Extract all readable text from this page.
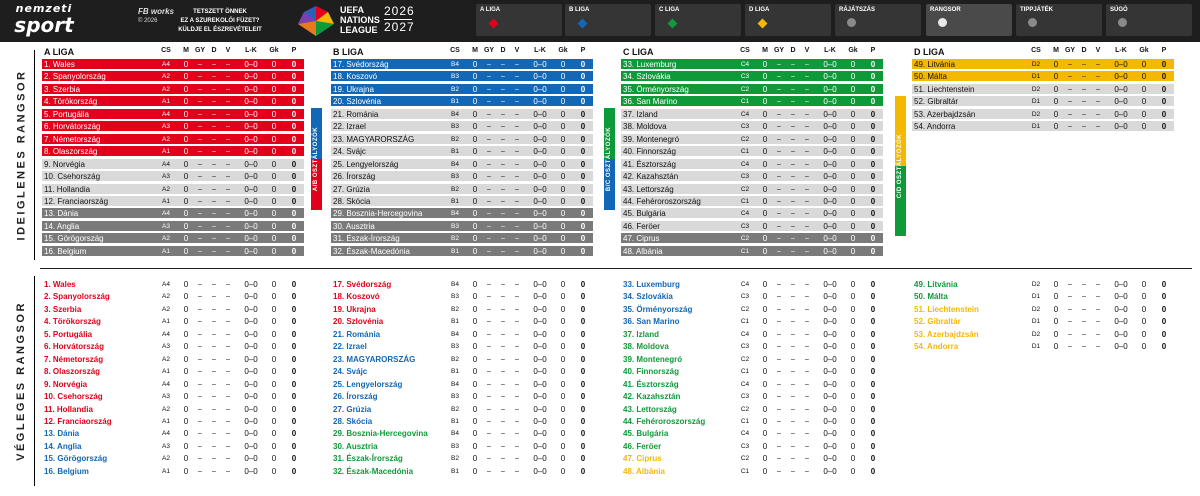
nemzeti
sport
FB works
© 2026
TETSZETT ÖNNEK
EZ A SZUREKOLÓI FÜZET?
KÜLDJE EL ÉSZREVÉTELEIT
UEFA
NATIONS
LEAGUE
2026
2027
A LIGA	B LIGA	C LIGA	D LIGA	RÁJÁTSZÁS	RANGSOR	TIPPJÁTÉK	SÚGÓ
IDEIGLENES RANGSOR
VÉGLEGES RANGSOR
A LIGA	CS	M GY D	V	L-K	Gk	P	B LIGA	CS	M GY D	V	L-K	Gk	P	C LIGA	CS	M GY D	V	L-K	Gk	P	D LIGA	CS	M GY D	V	L-K	Gk	P
1. Wales	A4	0	–	–	–	0–0	0	0
2. Spanyolország	A2	0	–	–	–	0–0	0	0
3. Szerbia	A2	0	–	–	–	0–0	0	0
4. Törökország	A1	0	–	–	–	0–0	0	0
5. Portugália	A4	0	–	–	–	0–0	0	0
6. Horvátország	A3	0	–	–	–	0–0	0	0
7. Németország	A2	0	–	–	–	0–0	0	0
8. Olaszország	A1	0	–	–	–	0–0	0	0
9. Norvégia	A4	0	–	–	–	0–0	0	0
10. Csehország	A3	0	–	–	–	0–0	0	0
11. Hollandia	A2	0	–	–	–	0–0	0	0
12. Franciaország	A1	0	–	–	–	0–0	0	0
13. Dánia	A4	0	–	–	–	0–0	0	0
14. Anglia	A3	0	–	–	–	0–0	0	0
15. Görögország	A2	0	–	–	–	0–0	0	0
16. Belgium	A1	0	–	–	–	0–0	0	0
17. Svédország	B4	0	–	–	–	0–0	0	0
18. Koszovó	B3	0	–	–	–	0–0	0	0
19. Ukrajna	B2	0	–	–	–	0–0	0	0
20. Szlovénia	B1	0	–	–	–	0–0	0	0
21. Románia	B4	0	–	–	–	0–0	0	0
22. Izrael	B3	0	–	–	–	0–0	0	0
23. MAGYARORSZÁG	B2	0	–	–	–	0–0	0	0
24. Svájc	B1	0	–	–	–	0–0	0	0
25. Lengyelország	B4	0	–	–	–	0–0	0	0
26. Írország	B3	0	–	–	–	0–0	0	0
27. Grúzia	B2	0	–	–	–	0–0	0	0
28. Skócia	B1	0	–	–	–	0–0	0	0
29. Bosznia-Hercegovina	B4	0	–	–	–	0–0	0	0
30. Ausztria	B3	0	–	–	–	0–0	0	0
31. Észak-Írország	B2	0	–	–	–	0–0	0	0
32. Észak-Macedónia	B1	0	–	–	–	0–0	0	0
33. Luxemburg	C4	0	–	–	–	0–0	0	0
34. Szlovákia	C3	0	–	–	–	0–0	0	0
35. Örményország	C2	0	–	–	–	0–0	0	0
36. San Marino	C1	0	–	–	–	0–0	0	0
37. Izland	C4	0	–	–	–	0–0	0	0
38. Moldova	C3	0	–	–	–	0–0	0	0
39. Montenegró	C2	0	–	–	–	0–0	0	0
40. Finnország	C1	0	–	–	–	0–0	0	0
41. Észtország	C4	0	–	–	–	0–0	0	0
42. Kazahsztán	C3	0	–	–	–	0–0	0	0
43. Lettország	C2	0	–	–	–	0–0	0	0
44. Fehéroroszország	C1	0	–	–	–	0–0	0	0
45. Bulgária	C4	0	–	–	–	0–0	0	0
46. Feröer	C3	0	–	–	–	0–0	0	0
47. Ciprus	C2	0	–	–	–	0–0	0	0
48. Albánia	C1	0	–	–	–	0–0	0	0
49. Litvánia	D2	0	–	–	–	0–0	0	0
50. Málta	D1	0	–	–	–	0–0	0	0
51. Liechtenstein	D2	0	–	–	–	0–0	0	0
52. Gibraltár	D1	0	–	–	–	0–0	0	0
53. Azerbajdzsán	D2	0	–	–	–	0–0	0	0
54. Andorra	D1	0	–	–	–	0–0	0	0
1. Wales	A4	0	–	–	–	0–0	0	0
2. Spanyolország	A2	0	–	–	–	0–0	0	0
3. Szerbia	A2	0	–	–	–	0–0	0	0
4. Törökország	A1	0	–	–	–	0–0	0	0
5. Portugália	A4	0	–	–	–	0–0	0	0
6. Horvátország	A3	0	–	–	–	0–0	0	0
7. Németország	A2	0	–	–	–	0–0	0	0
8. Olaszország	A1	0	–	–	–	0–0	0	0
9. Norvégia	A4	0	–	–	–	0–0	0	0
10. Csehország	A3	0	–	–	–	0–0	0	0
11. Hollandia	A2	0	–	–	–	0–0	0	0
12. Franciaország	A1	0	–	–	–	0–0	0	0
13. Dánia	A4	0	–	–	–	0–0	0	0
14. Anglia	A3	0	–	–	–	0–0	0	0
15. Görögország	A2	0	–	–	–	0–0	0	0
16. Belgium	A1	0	–	–	–	0–0	0	0
17. Svédország	B4	0	–	–	–	0–0	0	0
18. Koszovó	B3	0	–	–	–	0–0	0	0
19. Ukrajna	B2	0	–	–	–	0–0	0	0
20. Szlovénia	B1	0	–	–	–	0–0	0	0
21. Románia	B4	0	–	–	–	0–0	0	0
22. Izrael	B3	0	–	–	–	0–0	0	0
23. MAGYARORSZÁG	B2	0	–	–	–	0–0	0	0
24. Svájc	B1	0	–	–	–	0–0	0	0
25. Lengyelország	B4	0	–	–	–	0–0	0	0
26. Írország	B3	0	–	–	–	0–0	0	0
27. Grúzia	B2	0	–	–	–	0–0	0	0
28. Skócia	B1	0	–	–	–	0–0	0	0
29. Bosznia-Hercegovina	B4	0	–	–	–	0–0	0	0
30. Ausztria	B3	0	–	–	–	0–0	0	0
31. Észak-Írország	B2	0	–	–	–	0–0	0	0
32. Észak-Macedónia	B1	0	–	–	–	0–0	0	0
33. Luxemburg	C4	0	–	–	–	0–0	0	0
34. Szlovákia	C3	0	–	–	–	0–0	0	0
35. Örményország	C2	0	–	–	–	0–0	0	0
36. San Marino	C1	0	–	–	–	0–0	0	0
37. Izland	C4	0	–	–	–	0–0	0	0
38. Moldova	C3	0	–	–	–	0–0	0	0
39. Montenegró	C2	0	–	–	–	0–0	0	0
40. Finnország	C1	0	–	–	–	0–0	0	0
41. Észtország	C4	0	–	–	–	0–0	0	0
42. Kazahsztán	C3	0	–	–	–	0–0	0	0
43. Lettország	C2	0	–	–	–	0–0	0	0
44. Fehéroroszország	C1	0	–	–	–	0–0	0	0
45. Bulgária	C4	0	–	–	–	0–0	0	0
46. Feröer	C3	0	–	–	–	0–0	0	0
47. Ciprus	C2	0	–	–	–	0–0	0	0
48. Albánia	C1	0	–	–	–	0–0	0	0
49. Litvánia	D2	0	–	–	–	0–0	0	0
50. Málta	D1	0	–	–	–	0–0	0	0
51. Liechtenstein	D2	0	–	–	–	0–0	0	0
52. Gibraltár	D1	0	–	–	–	0–0	0	0
53. Azerbajdzsán	D2	0	–	–	–	0–0	0	0
54. Andorra	D1	0	–	–	–	0–0	0	0
A/B OSZTÁLYOZÓK	B/C OSZTÁLYOZÓK	C/D OSZTÁLYOZÓK
